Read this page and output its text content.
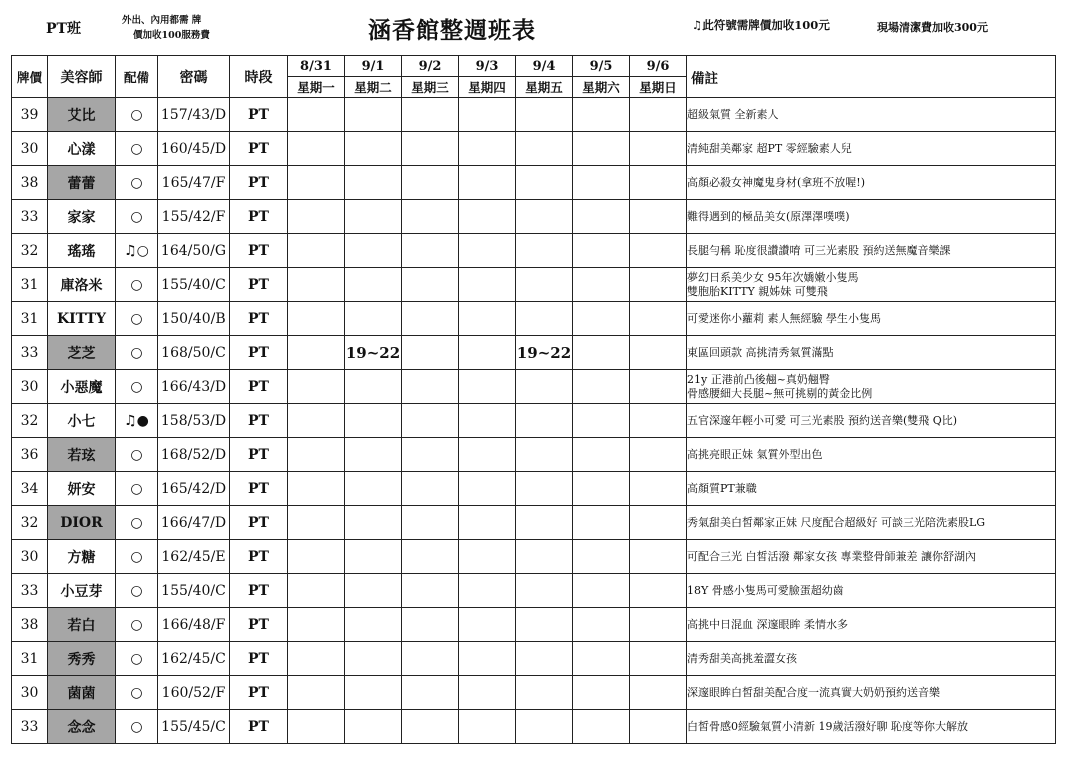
PT班
外出、內用都需 牌
價加收100服務費	涵香館整週班表	♫此符號需牌價加收100元	現場清潔費加收300元
牌價	美容師	配備	密碼	時段	8/31	9/1	9/2	9/3	9/4	9/5	9/6	備註
					星期一	星期二	星期三	星期四	星期五	星期六	星期日	
39	艾比	○	157/43/D	PT								超級氣質 全新素人

30	心漾	○	160/45/D	PT								清純甜美鄰家 超PT 零經驗素人兒

38	蕾蕾	○	165/47/F	PT								高顏必殺女神魔鬼身材(拿班不放喔!)

33	家家	○	155/42/F	PT								難得遇到的極品美女(原澤澤噗噗)

32	瑤瑤	♫○	164/50/G	PT								長腿勻稱 恥度很讚讚唷 可三光素股 預約送無魔音樂課

31	庫洛米	○	155/40/C	PT								夢幻日系美少女 95年次嬌嫩小隻馬
雙胞胎KITTY 親姊妹 可雙飛

31	KITTY	○	150/40/B	PT								可愛迷你小蘿莉 素人無經驗 學生小隻馬

33	芝芝	○	168/50/C	PT		19~22			19~22			東區回頭款 高挑清秀氣質滿點

30	小惡魔	○	166/43/D	PT								21y 正港前凸後翹~真奶翹臀
骨感腰細大長腿~無可挑剔的黃金比例

32	小七	♫●	158/53/D	PT								五官深邃年輕小可愛 可三光素股 預約送音樂(雙飛 Q比)

36	若玹	○	168/52/D	PT								高挑亮眼正妹 氣質外型出色

34	妍安	○	165/42/D	PT								高顏質PT兼職

32	DIOR	○	166/47/D	PT								秀氣甜美白皙鄰家正妹 尺度配合超級好 可談三光陪洗素股LG

30	方糖	○	162/45/E	PT								可配合三光 白皙活潑 鄰家女孩 專業整骨師兼差 讓你舒湖內

33	小豆芽	○	155/40/C	PT								18Y 骨感小隻馬可愛臉蛋超幼齒

38	若白	○	166/48/F	PT								高挑中日混血 深邃眼眸 柔情水多

31	秀秀	○	162/45/C	PT								清秀甜美高挑羞澀女孩

30	菌菌	○	160/52/F	PT								深邃眼眸白皙甜美配合度一流真實大奶奶預約送音樂

33	念念	○	155/45/C	PT								白皙骨感0經驗氣質小清新 19歲活潑好聊 恥度等你大解放
